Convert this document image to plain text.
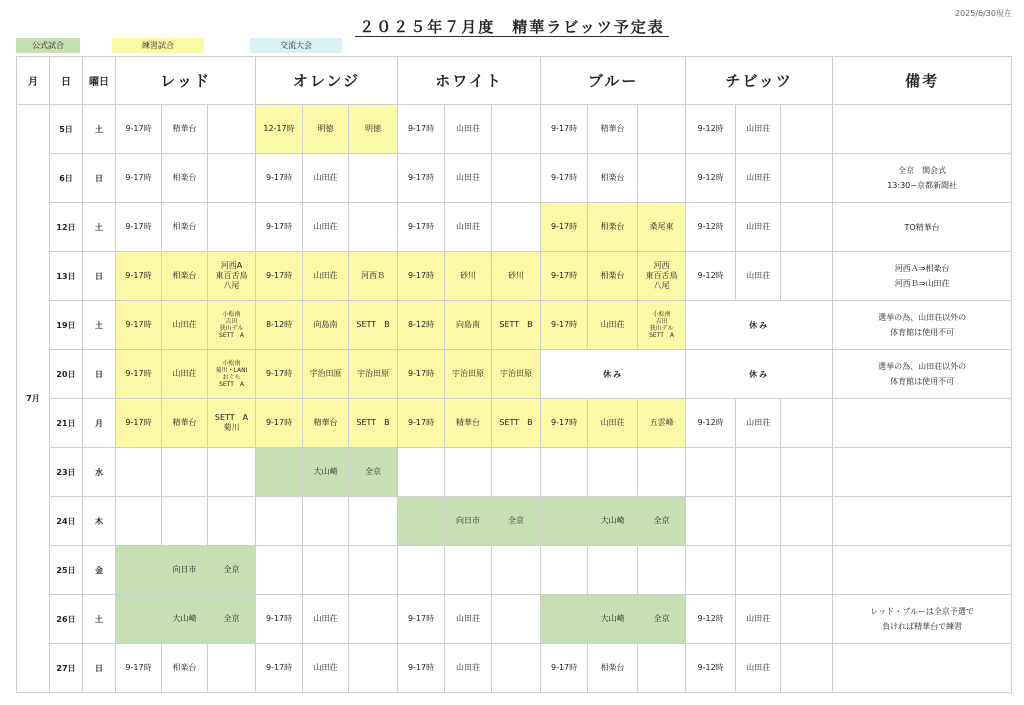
2025/6/30現在
２０２５年７月度　精華ラビッツ予定表
公式試合	練習試合	交流大会
月	日	曜日	レッド			オレンジ			ホワイト			ブルー			チビッツ			備考
7月	5日	土	9-17時	精華台		12-17時	明徳	明徳	9-17時	山田荘		9-17時	精華台		9-12時	山田荘		
	6日	日	9-17時	相楽台		9-17時	山田荘		9-17時	山田荘		9-17時	相楽台		9-12時	山田荘		全京　開会式
13:30~京都新聞社
	12日	土	9-17時	相楽台		9-17時	山田荘		9-17時	山田荘		9-17時	相楽台	桑尾東	9-12時	山田荘		TO精華台
	13日	日	9-17時	相楽台	河西A
東百舌鳥
八尾	9-17時	山田荘	河西Ｂ	9-17時	砂川	砂川	9-17時	相楽台	河西
東百舌鳥
八尾	9-12時	山田荘		河西Ａ⇒相楽台
河西Ｂ⇒山田荘
	19日	土	9-17時	山田荘	小松南
吉田
狭山デル
SETT　A	8-12時	向島南	SETT　B	8-12時	向島南	SETT　B	9-17時	山田荘	小松南
吉田
狭山デル
SETT　A	休み			選挙の為、山田荘以外の
体育館は使用不可
	20日	日	9-17時	山田荘	小松南
菊川・LANI
おぐら
SETT　A	9-17時	宇治田原	宇治田原	9-17時	宇治田原	宇治田原	休み			休み			選挙の為、山田荘以外の
体育館は使用不可
	21日	月	9-17時	精華台	SETT　A
菊川	9-17時	精華台	SETT　B	9-17時	精華台	SETT　B	9-17時	山田荘	五雲峰	9-12時	山田荘		
	23日	水					大山崎	全京										
	24日	木								向日市	全京		大山崎	全京				
	25日	金		向日市	全京													
	26日	土		大山崎	全京	9-17時	山田荘		9-17時	山田荘			大山崎	全京	9-12時	山田荘		レッド・ブルーは全京予選で
負ければ精華台で練習
	27日	日	9-17時	相楽台		9-17時	山田荘		9-17時	山田荘		9-17時	相楽台		9-12時	山田荘		
